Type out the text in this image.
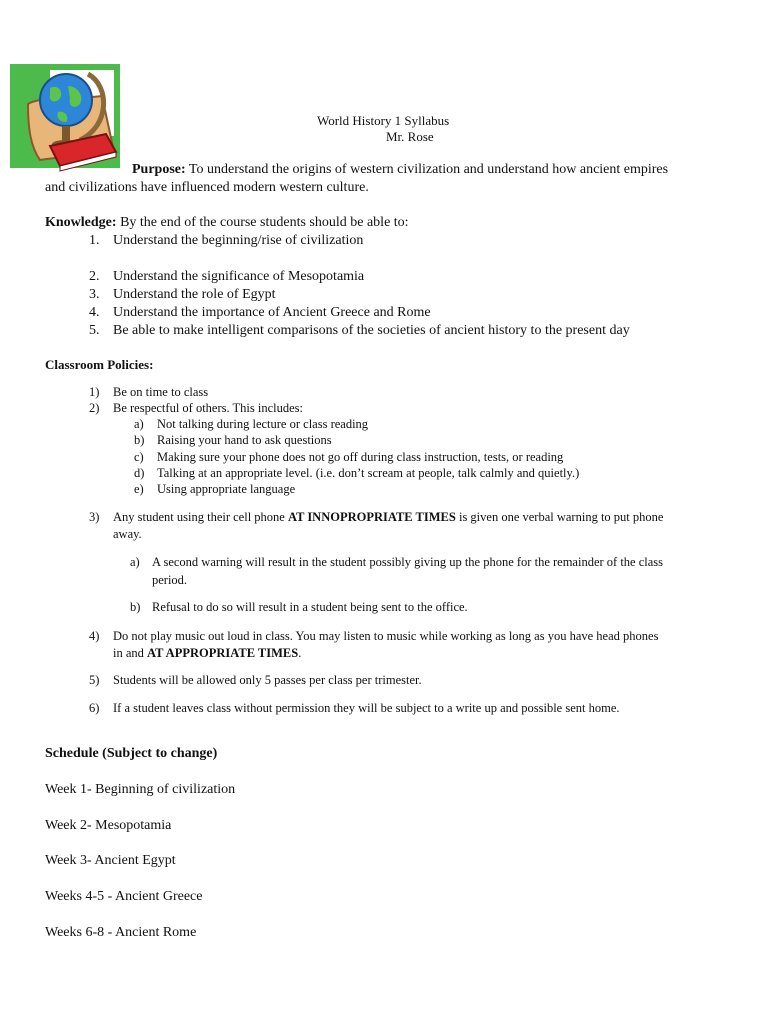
World History 1 Syllabus
Mr. Rose
Purpose: To understand the origins of western civilization and understand how ancient empires
and civilizations have influenced modern western culture.
Knowledge: By the end of the course students should be able to:
1. Understand the beginning/rise of civilization
2. Understand the significance of Mesopotamia
3. Understand the role of Egypt
4. Understand the importance of Ancient Greece and Rome
5. Be able to make intelligent comparisons of the societies of ancient history to the present day
Classroom Policies:
1) Be on time to class
2) Be respectful of others. This includes:
a) Not talking during lecture or class reading
b) Raising your hand to ask questions
c) Making sure your phone does not go off during class instruction, tests, or reading
d) Talking at an appropriate level. (i.e. don’t scream at people, talk calmly and quietly.)
e) Using appropriate language
3) Any student using their cell phone AT INNOPROPRIATE TIMES is given one verbal warning to put phone
away.
a) A second warning will result in the student possibly giving up the phone for the remainder of the class
period.
b) Refusal to do so will result in a student being sent to the office.
4) Do not play music out loud in class. You may listen to music while working as long as you have head phones
in and AT APPROPRIATE TIMES.
5) Students will be allowed only 5 passes per class per trimester.
6) If a student leaves class without permission they will be subject to a write up and possible sent home.
Schedule (Subject to change)
Week 1- Beginning of civilization
Week 2- Mesopotamia
Week 3- Ancient Egypt
Weeks 4-5 - Ancient Greece
Weeks 6-8 - Ancient Rome
